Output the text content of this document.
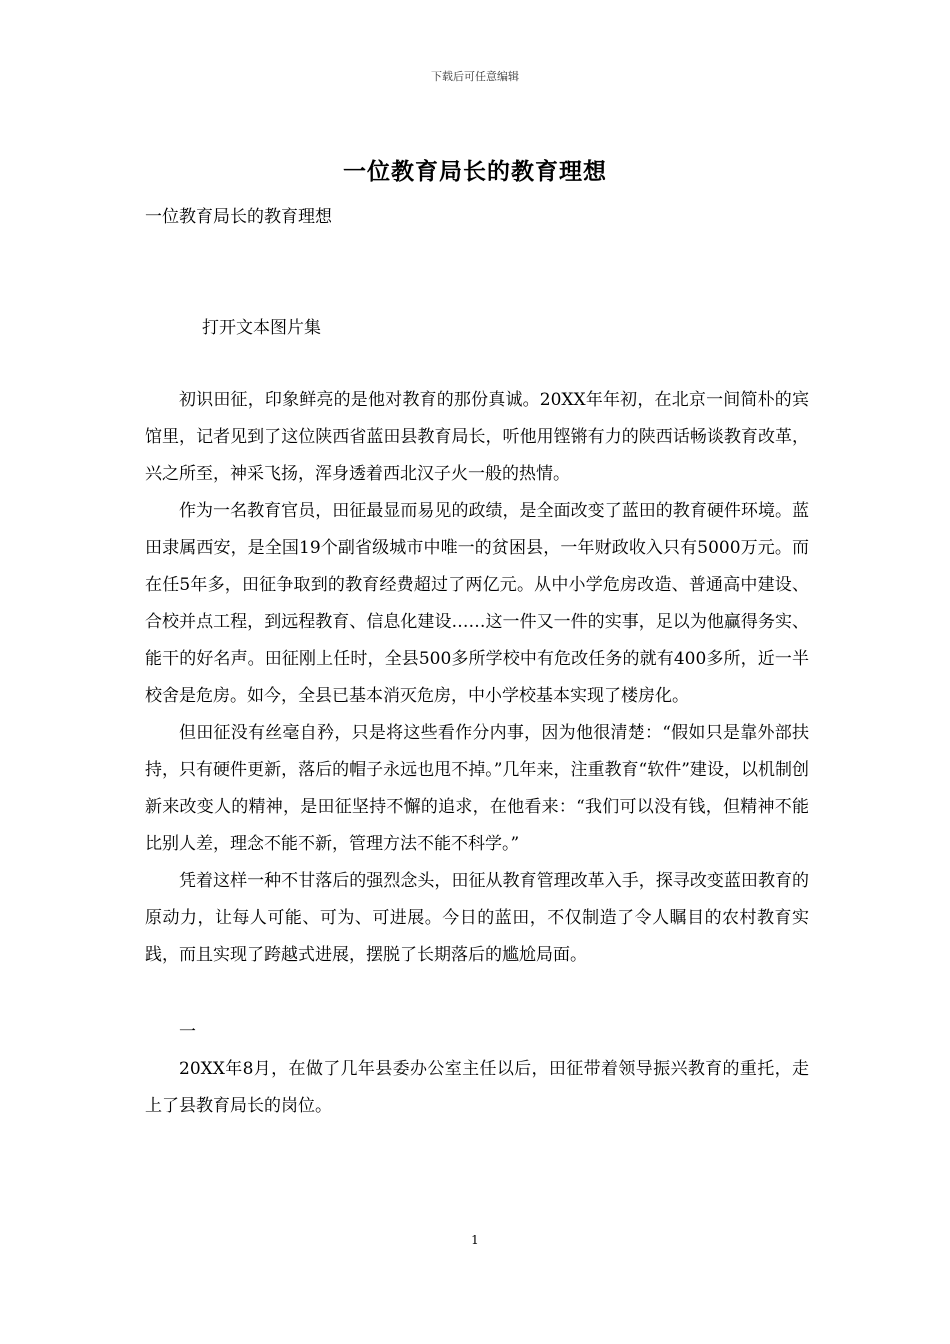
下载后可任意编辑
一位教育局长的教育理想
一位教育局长的教育理想
打开文本图片集

初识田征，印象鲜亮的是他对教育的那份真诚。20XX年年初，在北京一间简朴的宾馆里，记者见到了这位陕西省蓝田县教育局长，听他用铿锵有力的陕西话畅谈教育改革，兴之所至，神采飞扬，浑身透着西北汉子火一般的热情。

作为一名教育官员，田征最显而易见的政绩，是全面改变了蓝田的教育硬件环境。蓝田隶属西安，是全国19个副省级城市中唯一的贫困县，一年财政收入只有5000万元。而在任5年多，田征争取到的教育经费超过了两亿元。从中小学危房改造、普通高中建设、合校并点工程，到远程教育、信息化建设……这一件又一件的实事，足以为他赢得务实、能干的好名声。田征刚上任时，全县500多所学校中有危改任务的就有400多所，近一半校舍是危房。如今，全县已基本消灭危房，中小学校基本实现了楼房化。

但田征没有丝毫自矜，只是将这些看作分内事，因为他很清楚：“假如只是靠外部扶持，只有硬件更新，落后的帽子永远也甩不掉。”几年来，注重教育“软件”建设，以机制创新来改变人的精神，是田征坚持不懈的追求，在他看来：“我们可以没有钱，但精神不能比别人差，理念不能不新，管理方法不能不科学。”

凭着这样一种不甘落后的强烈念头，田征从教育管理改革入手，探寻改变蓝田教育的原动力，让每人可能、可为、可进展。今日的蓝田，不仅制造了令人瞩目的农村教育实践，而且实现了跨越式进展，摆脱了长期落后的尴尬局面。

一

20XX年8月，在做了几年县委办公室主任以后，田征带着领导振兴教育的重托，走上了县教育局长的岗位。

1
